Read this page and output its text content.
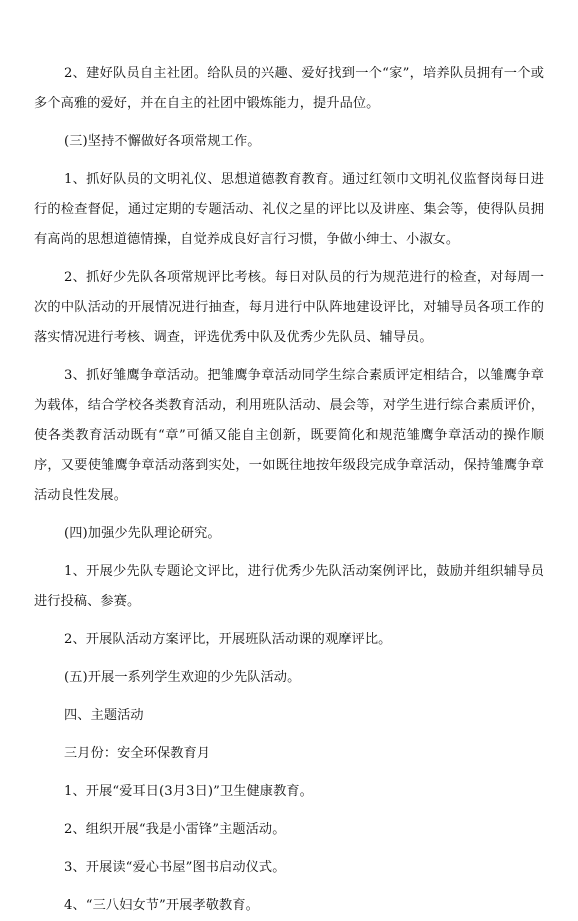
2、建好队员自主社团。给队员的兴趣、爱好找到一个“家”，培养队员拥有一个或多个高雅的爱好，并在自主的社团中锻炼能力，提升品位。

(三)坚持不懈做好各项常规工作。

1、抓好队员的文明礼仪、思想道德教育教育。通过红领巾文明礼仪监督岗每日进行的检查督促，通过定期的专题活动、礼仪之星的评比以及讲座、集会等，使得队员拥有高尚的思想道德情操，自觉养成良好言行习惯，争做小绅士、小淑女。

2、抓好少先队各项常规评比考核。每日对队员的行为规范进行的检查，对每周一次的中队活动的开展情况进行抽查，每月进行中队阵地建设评比，对辅导员各项工作的落实情况进行考核、调查，评选优秀中队及优秀少先队员、辅导员。

3、抓好雏鹰争章活动。把雏鹰争章活动同学生综合素质评定相结合，以雏鹰争章为载体，结合学校各类教育活动，利用班队活动、晨会等，对学生进行综合素质评价，使各类教育活动既有“章”可循又能自主创新，既要简化和规范雏鹰争章活动的操作顺序，又要使雏鹰争章活动落到实处，一如既往地按年级段完成争章活动，保持雏鹰争章活动良性发展。

(四)加强少先队理论研究。

1、开展少先队专题论文评比，进行优秀少先队活动案例评比，鼓励并组织辅导员进行投稿、参赛。

2、开展队活动方案评比，开展班队活动课的观摩评比。

(五)开展一系列学生欢迎的少先队活动。

四、主题活动

三月份：安全环保教育月

1、开展“爱耳日(3月3日)”卫生健康教育。

2、组织开展“我是小雷锋”主题活动。

3、开展读“爱心书屋”图书启动仪式。

4、“三八妇女节”开展孝敬教育。
